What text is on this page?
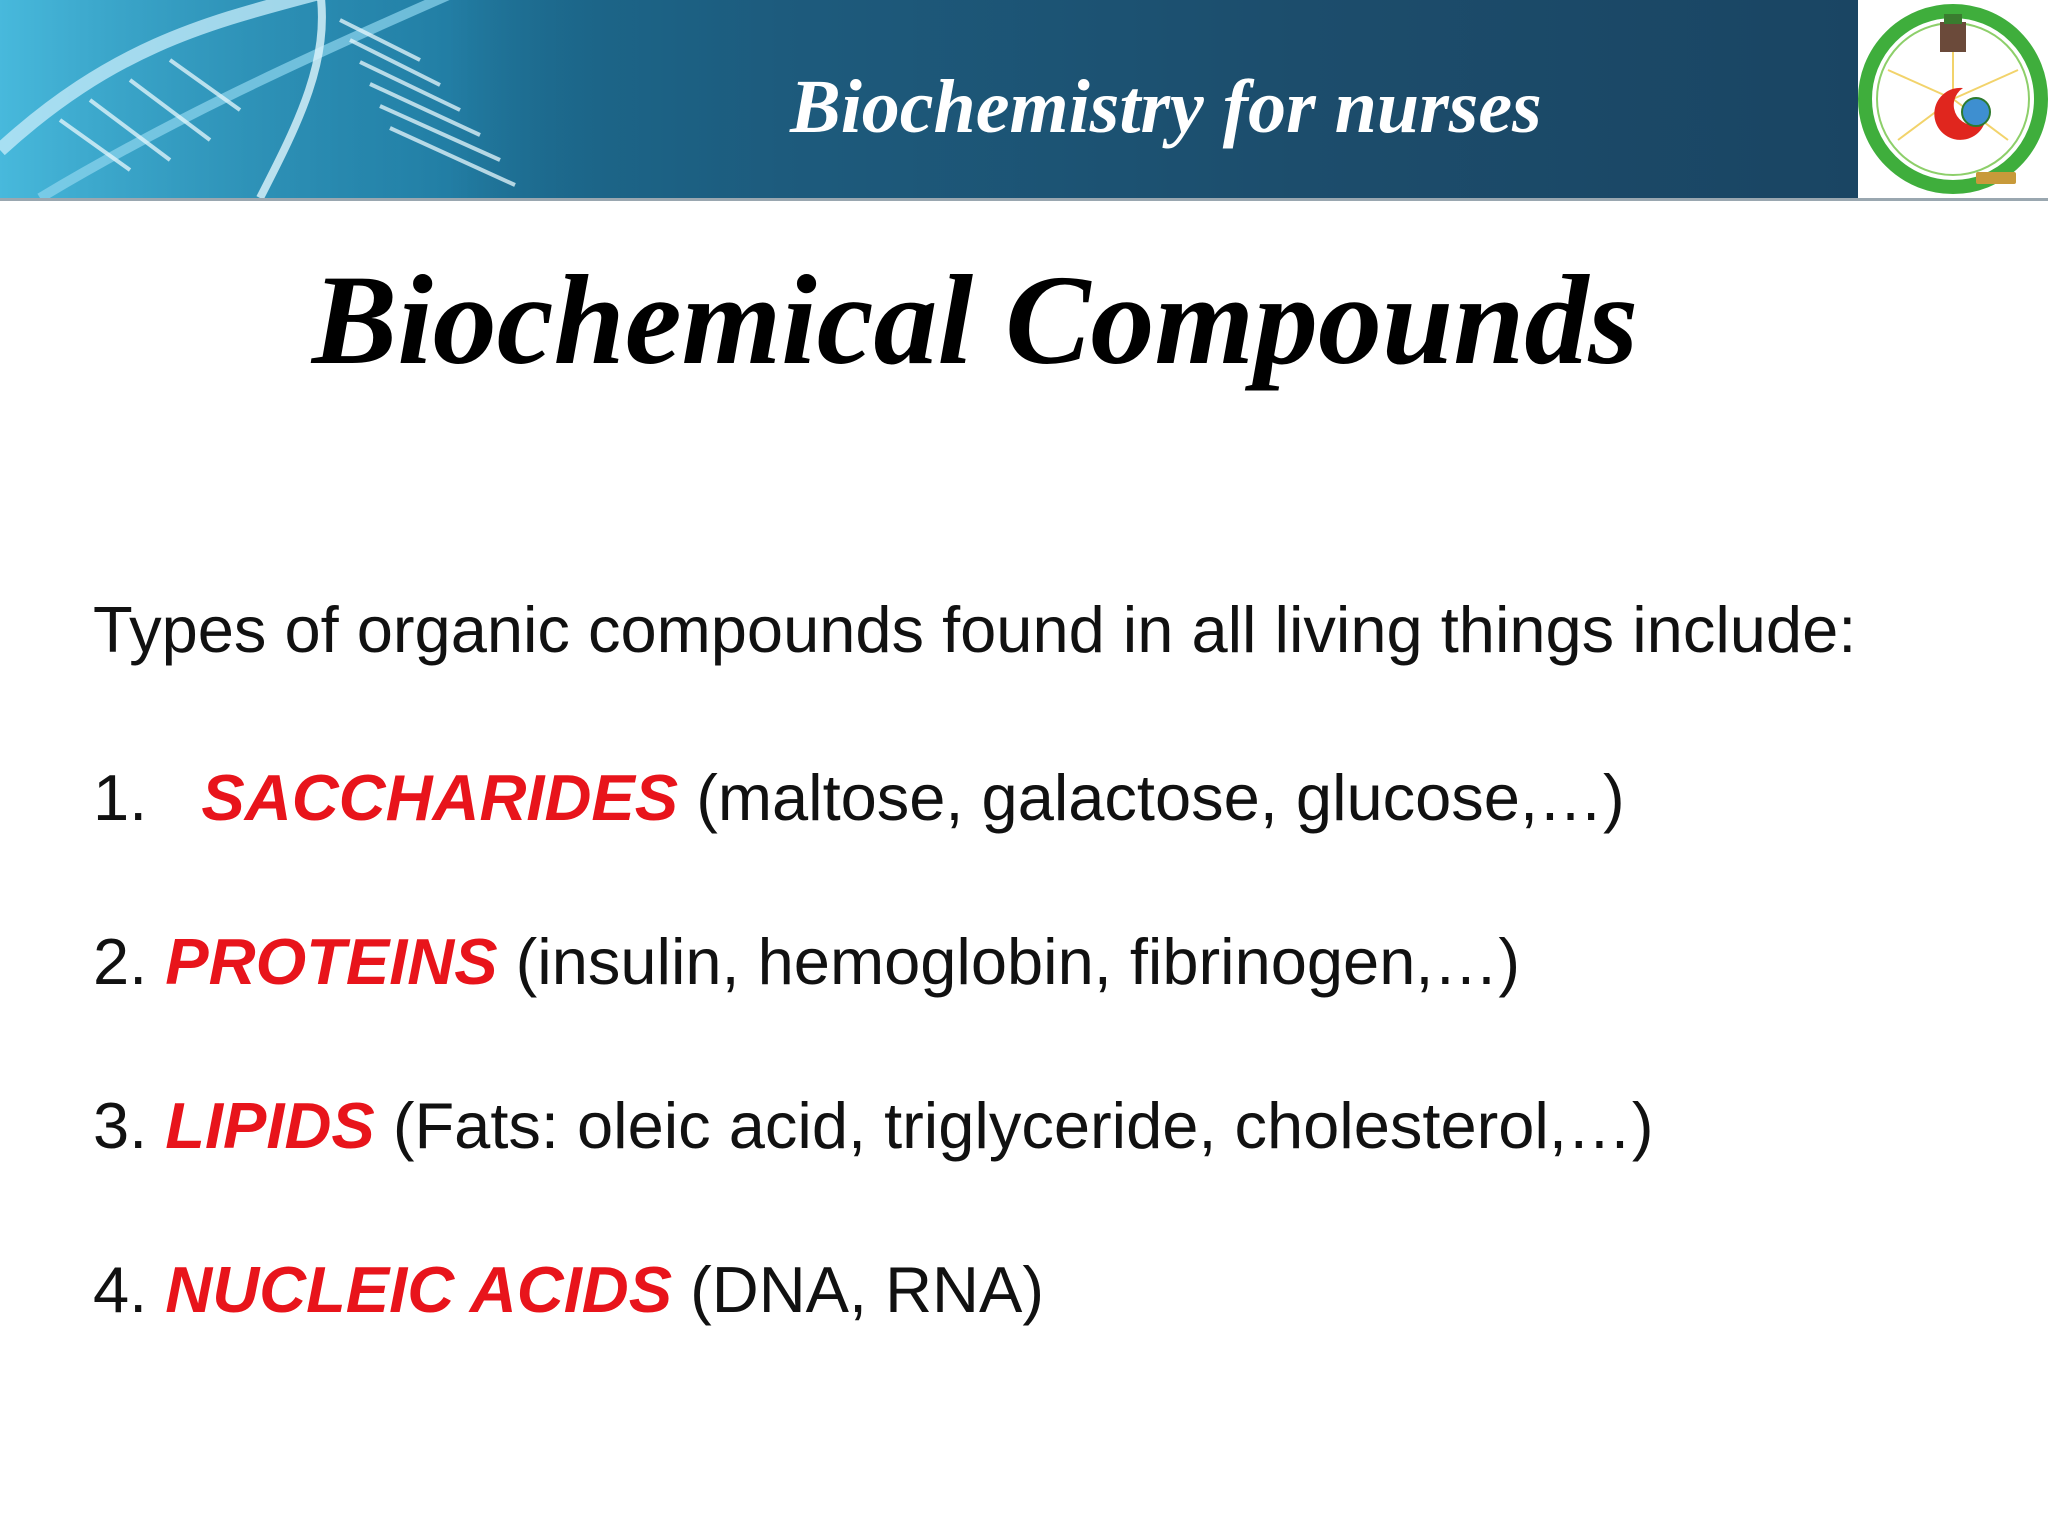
Biochemistry for nurses
Biochemical Compounds
Types of organic compounds found in all living things include:
1. SACCHARIDES (maltose, galactose, glucose,…)
2. PROTEINS (insulin, hemoglobin, fibrinogen,…)
3. LIPIDS (Fats: oleic acid, triglyceride, cholesterol,…)
4. NUCLEIC ACIDS (DNA, RNA)
